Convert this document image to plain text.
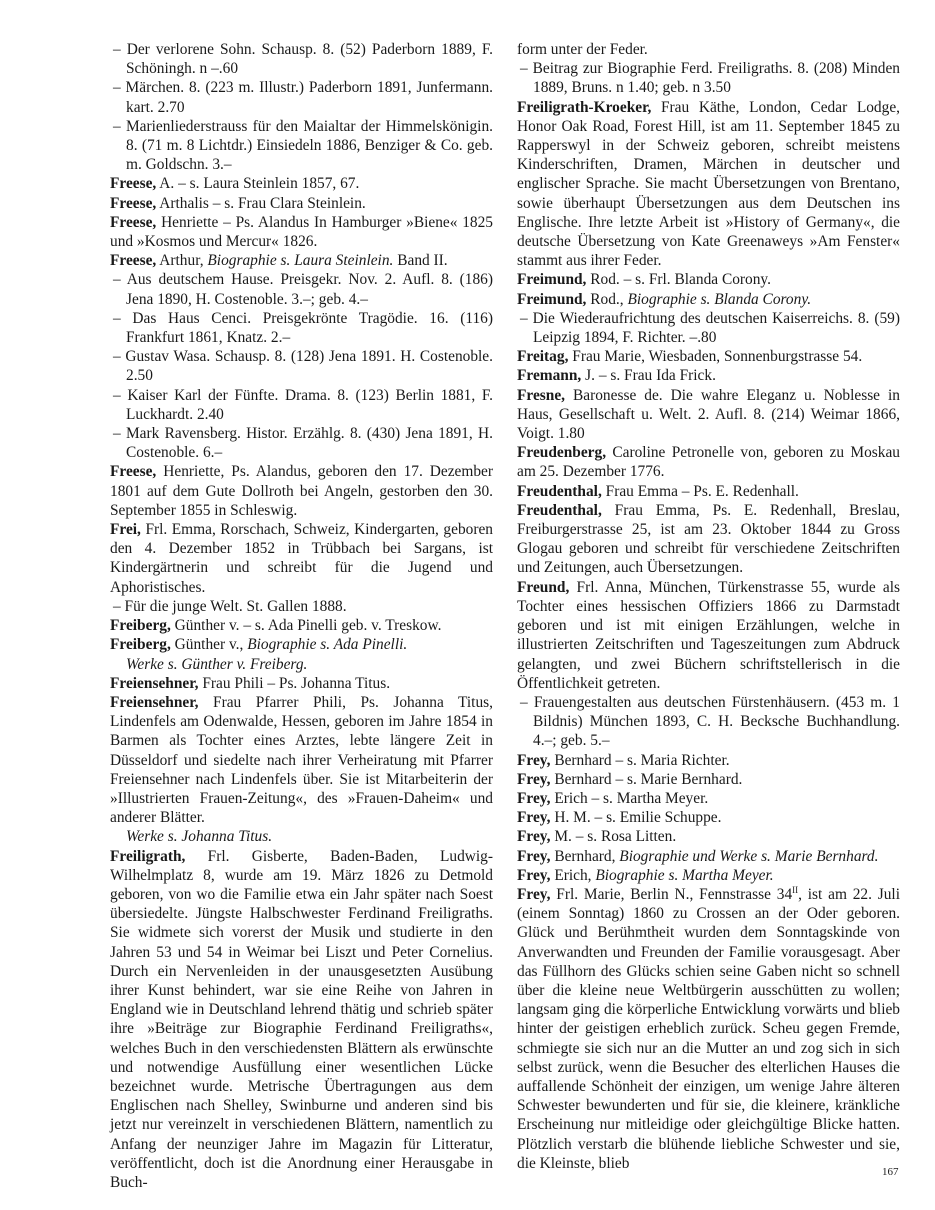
– Der verlorene Sohn. Schausp. 8. (52) Paderborn 1889, F. Schöningh. n –.60

– Märchen. 8. (223 m. Illustr.) Paderborn 1891, Junfermann. kart. 2.70

– Marienliederstrauss für den Maialtar der Himmelskönigin. 8. (71 m. 8 Lichtdr.) Einsiedeln 1886, Benziger & Co. geb. m. Goldschn. 3.–

Freese, A. – s. Laura Steinlein 1857, 67.

Freese, Arthalis – s. Frau Clara Steinlein.

Freese, Henriette – Ps. Alandus In Hamburger »Biene« 1825 und »Kosmos und Mercur« 1826.

Freese, Arthur, Biographie s. Laura Steinlein. Band II.

– Aus deutschem Hause. Preisgekr. Nov. 2. Aufl. 8. (186) Jena 1890, H. Costenoble. 3.–; geb. 4.–

– Das Haus Cenci. Preisgekrönte Tragödie. 16. (116) Frankfurt 1861, Knatz. 2.–

– Gustav Wasa. Schausp. 8. (128) Jena 1891. H. Costenoble. 2.50

– Kaiser Karl der Fünfte. Drama. 8. (123) Berlin 1881, F. Luckhardt. 2.40

– Mark Ravensberg. Histor. Erzählg. 8. (430) Jena 1891, H. Costenoble. 6.–

Freese, Henriette, Ps. Alandus, geboren den 17. Dezember 1801 auf dem Gute Dollroth bei Angeln, gestorben den 30. September 1855 in Schleswig.

Frei, Frl. Emma, Rorschach, Schweiz, Kindergarten, geboren den 4. Dezember 1852 in Trübbach bei Sargans, ist Kindergärtnerin und schreibt für die Jugend und Aphoristisches.

– Für die junge Welt. St. Gallen 1888.

Freiberg, Günther v. – s. Ada Pinelli geb. v. Treskow.

Freiberg, Günther v., Biographie s. Ada Pinelli.

Werke s. Günther v. Freiberg.

Freiensehner, Frau Phili – Ps. Johanna Titus.

Freiensehner, Frau Pfarrer Phili, Ps. Johanna Titus, Lindenfels am Odenwalde, Hessen, geboren im Jahre 1854 in Barmen als Tochter eines Arztes, lebte längere Zeit in Düsseldorf und siedelte nach ihrer Verheiratung mit Pfarrer Freiensehner nach Lindenfels über. Sie ist Mitarbeiterin der »Illustrierten Frauen-Zeitung«, des »Frauen-Daheim« und anderer Blätter.

Werke s. Johanna Titus.

Freiligrath, Frl. Gisberte, Baden-Baden, Ludwig-Wilhelmplatz 8, wurde am 19. März 1826 zu Detmold geboren, von wo die Familie etwa ein Jahr später nach Soest übersiedelte. Jüngste Halbschwester Ferdinand Freiligraths. Sie widmete sich vorerst der Musik und studierte in den Jahren 53 und 54 in Weimar bei Liszt und Peter Cornelius. Durch ein Nervenleiden in der unausgesetzten Ausübung ihrer Kunst behindert, war sie eine Reihe von Jahren in England wie in Deutschland lehrend thätig und schrieb später ihre »Beiträge zur Biographie Ferdinand Freiligraths«, welches Buch in den verschiedensten Blättern als erwünschte und notwendige Ausfüllung einer wesentlichen Lücke bezeichnet wurde. Metrische Übertragungen aus dem Englischen nach Shelley, Swinburne und anderen sind bis jetzt nur vereinzelt in verschiedenen Blättern, namentlich zu Anfang der neunziger Jahre im Magazin für Litteratur, veröffentlicht, doch ist die Anordnung einer Herausgabe in Buch-

form unter der Feder.

– Beitrag zur Biographie Ferd. Freiligraths. 8. (208) Minden 1889, Bruns. n 1.40; geb. n 3.50

Freiligrath-Kroeker, Frau Käthe, London, Cedar Lodge, Honor Oak Road, Forest Hill, ist am 11. September 1845 zu Rapperswyl in der Schweiz geboren, schreibt meistens Kinderschriften, Dramen, Märchen in deutscher und englischer Sprache. Sie macht Übersetzungen von Brentano, sowie überhaupt Übersetzungen aus dem Deutschen ins Englische. Ihre letzte Arbeit ist »History of Germany«, die deutsche Übersetzung von Kate Greenaweys »Am Fenster« stammt aus ihrer Feder.

Freimund, Rod. – s. Frl. Blanda Corony.

Freimund, Rod., Biographie s. Blanda Corony.

– Die Wiederaufrichtung des deutschen Kaiserreichs. 8. (59) Leipzig 1894, F. Richter. –.80

Freitag, Frau Marie, Wiesbaden, Sonnenburgstrasse 54.

Fremann, J. – s. Frau Ida Frick.

Fresne, Baronesse de. Die wahre Eleganz u. Noblesse in Haus, Gesellschaft u. Welt. 2. Aufl. 8. (214) Weimar 1866, Voigt. 1.80

Freudenberg, Caroline Petronelle von, geboren zu Moskau am 25. Dezember 1776.

Freudenthal, Frau Emma – Ps. E. Redenhall.

Freudenthal, Frau Emma, Ps. E. Redenhall, Breslau, Freiburgerstrasse 25, ist am 23. Oktober 1844 zu Gross Glogau geboren und schreibt für verschiedene Zeitschriften und Zeitungen, auch Übersetzungen.

Freund, Frl. Anna, München, Türkenstrasse 55, wurde als Tochter eines hessischen Offiziers 1866 zu Darmstadt geboren und ist mit einigen Erzählungen, welche in illustrierten Zeitschriften und Tageszeitungen zum Abdruck gelangten, und zwei Büchern schriftstellerisch in die Öffentlichkeit getreten.

– Frauengestalten aus deutschen Fürstenhäusern. (453 m. 1 Bildnis) München 1893, C. H. Becksche Buchhandlung. 4.–; geb. 5.–

Frey, Bernhard – s. Maria Richter.

Frey, Bernhard – s. Marie Bernhard.

Frey, Erich – s. Martha Meyer.

Frey, H. M. – s. Emilie Schuppe.

Frey, M. – s. Rosa Litten.

Frey, Bernhard, Biographie und Werke s. Marie Bernhard.

Frey, Erich, Biographie s. Martha Meyer.

Frey, Frl. Marie, Berlin N., Fennstrasse $34^{II}$, ist am 22. Juli (einem Sonntag) 1860 zu Crossen an der Oder geboren. Glück und Berühmtheit wurden dem Sonntagskinde von Anverwandten und Freunden der Familie vorausgesagt. Aber das Füllhorn des Glücks schien seine Gaben nicht so schnell über die kleine neue Weltbürgerin ausschütten zu wollen; langsam ging die körperliche Entwicklung vorwärts und blieb hinter der geistigen erheblich zurück. Scheu gegen Fremde, schmiegte sie sich nur an die Mutter an und zog sich in sich selbst zurück, wenn die Besucher des elterlichen Hauses die auffallende Schönheit der einzigen, um wenige Jahre älteren Schwester bewunderten und für sie, die kleinere, kränkliche Erscheinung nur mitleidige oder gleichgültige Blicke hatten. Plötzlich verstarb die blühende liebliche Schwester und sie, die Kleinste, blieb

167
